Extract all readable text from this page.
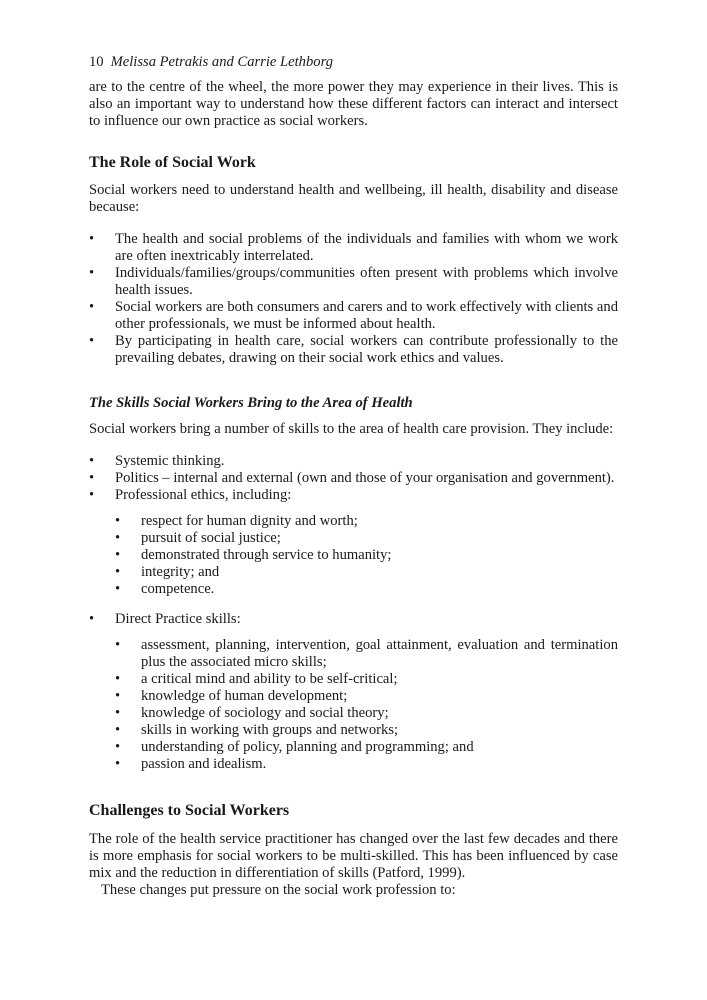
10 Melissa Petrakis and Carrie Lethborg

are to the centre of the wheel, the more power they may experience in their lives. This is also an important way to understand how these different factors can interact and intersect to influence our own practice as social workers.

The Role of Social Work

Social workers need to understand health and wellbeing, ill health, disability and disease because:

• The health and social problems of the individuals and families with whom we work are often inextricably interrelated.
• Individuals/families/groups/communities often present with problems which involve health issues.
• Social workers are both consumers and carers and to work effectively with clients and other professionals, we must be informed about health.
• By participating in health care, social workers can contribute professionally to the prevailing debates, drawing on their social work ethics and values.
The Skills Social Workers Bring to the Area of Health

Social workers bring a number of skills to the area of health care provision. They include:

• Systemic thinking.
• Politics – internal and external (own and those of your organisation and government).
• Professional ethics, including:
• respect for human dignity and worth;
• pursuit of social justice;
• demonstrated through service to humanity;
• integrity; and
• competence.
• Direct Practice skills:
• assessment, planning, intervention, goal attainment, evaluation and termination plus the associated micro skills;
• a critical mind and ability to be self-critical;
• knowledge of human development;
• knowledge of sociology and social theory;
• skills in working with groups and networks;
• understanding of policy, planning and programming; and
• passion and idealism.
Challenges to Social Workers

The role of the health service practitioner has changed over the last few decades and there is more emphasis for social workers to be multi-skilled. This has been influenced by case mix and the reduction in differentiation of skills (Patford, 1999).

These changes put pressure on the social work profession to:
